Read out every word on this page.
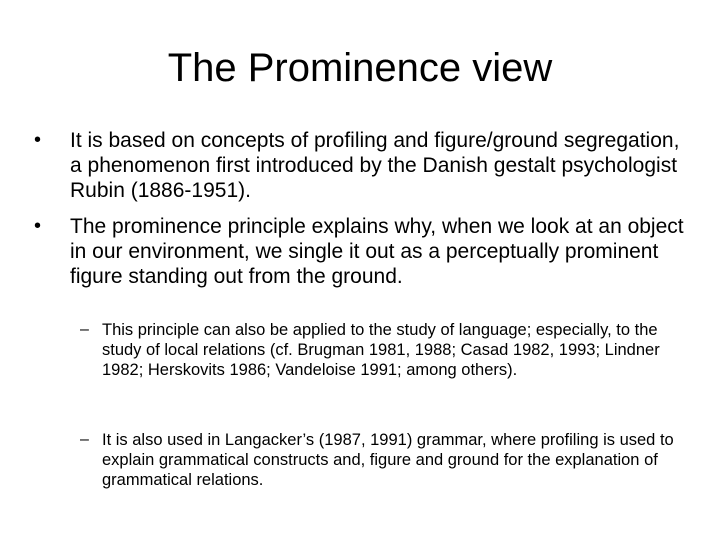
The Prominence view
• It is based on concepts of profiling and figure/ground segregation, a phenomenon first introduced by the Danish gestalt psychologist Rubin (1886-1951).
• The prominence principle explains why, when we look at an object in our environment, we single it out as a perceptually prominent figure standing out from the ground.
– This principle can also be applied to the study of language; especially, to the study of local relations (cf. Brugman 1981, 1988; Casad 1982, 1993; Lindner 1982; Herskovits 1986; Vandeloise 1991; among others).
– It is also used in Langacker’s (1987, 1991) grammar, where profiling is used to explain grammatical constructs and, figure and ground for the explanation of grammatical relations.
